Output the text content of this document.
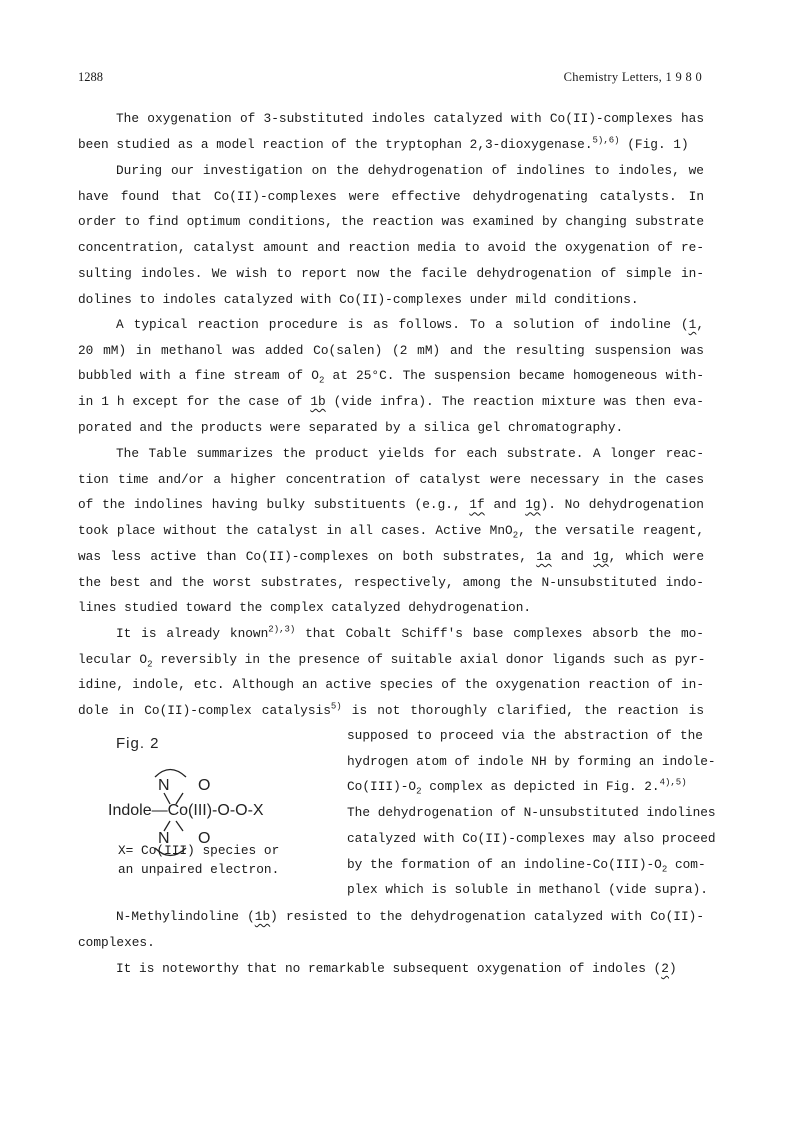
1288	Chemistry Letters, 1 9 8 0

The oxygenation of 3-substituted indoles catalyzed with Co(II)-complexes has

been studied as a model reaction of the tryptophan 2,3-dioxygenase.$^{5),6)}$ (Fig. 1)

During our investigation on the dehydrogenation of indolines to indoles, we

have found that Co(II)-complexes were effective dehydrogenating catalysts. In

order to find optimum conditions, the reaction was examined by changing substrate

concentration, catalyst amount and reaction media to avoid the oxygenation of re-

sulting indoles. We wish to report now the facile dehydrogenation of simple in-

dolines to indoles catalyzed with Co(II)-complexes under mild conditions.

A typical reaction procedure is as follows. To a solution of indoline (1,

20 mM) in methanol was added Co(salen) (2 mM) and the resulting suspension was

bubbled with a fine stream of $O_2$ at 25°C. The suspension became homogeneous with-

in 1 h except for the case of 1b (vide infra). The reaction mixture was then eva-

porated and the products were separated by a silica gel chromatography.

The Table summarizes the product yields for each substrate. A longer reac-

tion time and/or a higher concentration of catalyst were necessary in the cases

of the indolines having bulky substituents (e.g., 1f and 1g). No dehydrogenation

took place without the catalyst in all cases. Active MnO$_2$, the versatile reagent,

was less active than Co(II)-complexes on both substrates, 1a and 1g, which were

the best and the worst substrates, respectively, among the N-unsubstituted indo-

lines studied toward the complex catalyzed dehydrogenation.

It is already known$^{2),3)}$ that Cobalt Schiff's base complexes absorb the mo-

lecular $O_2$ reversibly in the presence of suitable axial donor ligands such as pyr-

idine, indole, etc. Although an active species of the oxygenation reaction of in-

dole in Co(II)-complex catalysis$^{5)}$ is not thoroughly clarified, the reaction is

Fig. 2
N O
Indole—Co(III)-O-O-X
N O
X= Co(III) species or
an unpaired electron.

supposed to proceed via the abstraction of the

hydrogen atom of indole NH by forming an indole-

$Co(III)-O_2$ complex as depicted in Fig. 2.$^{4),5)}$

The dehydrogenation of N-unsubstituted indolines

catalyzed with Co(II)-complexes may also proceed

by the formation of an indoline-$Co(III)-O_2$ com-

plex which is soluble in methanol (vide supra).

N-Methylindoline (1b) resisted to the dehydrogenation catalyzed with Co(II)-

complexes.

It is noteworthy that no remarkable subsequent oxygenation of indoles (2)
